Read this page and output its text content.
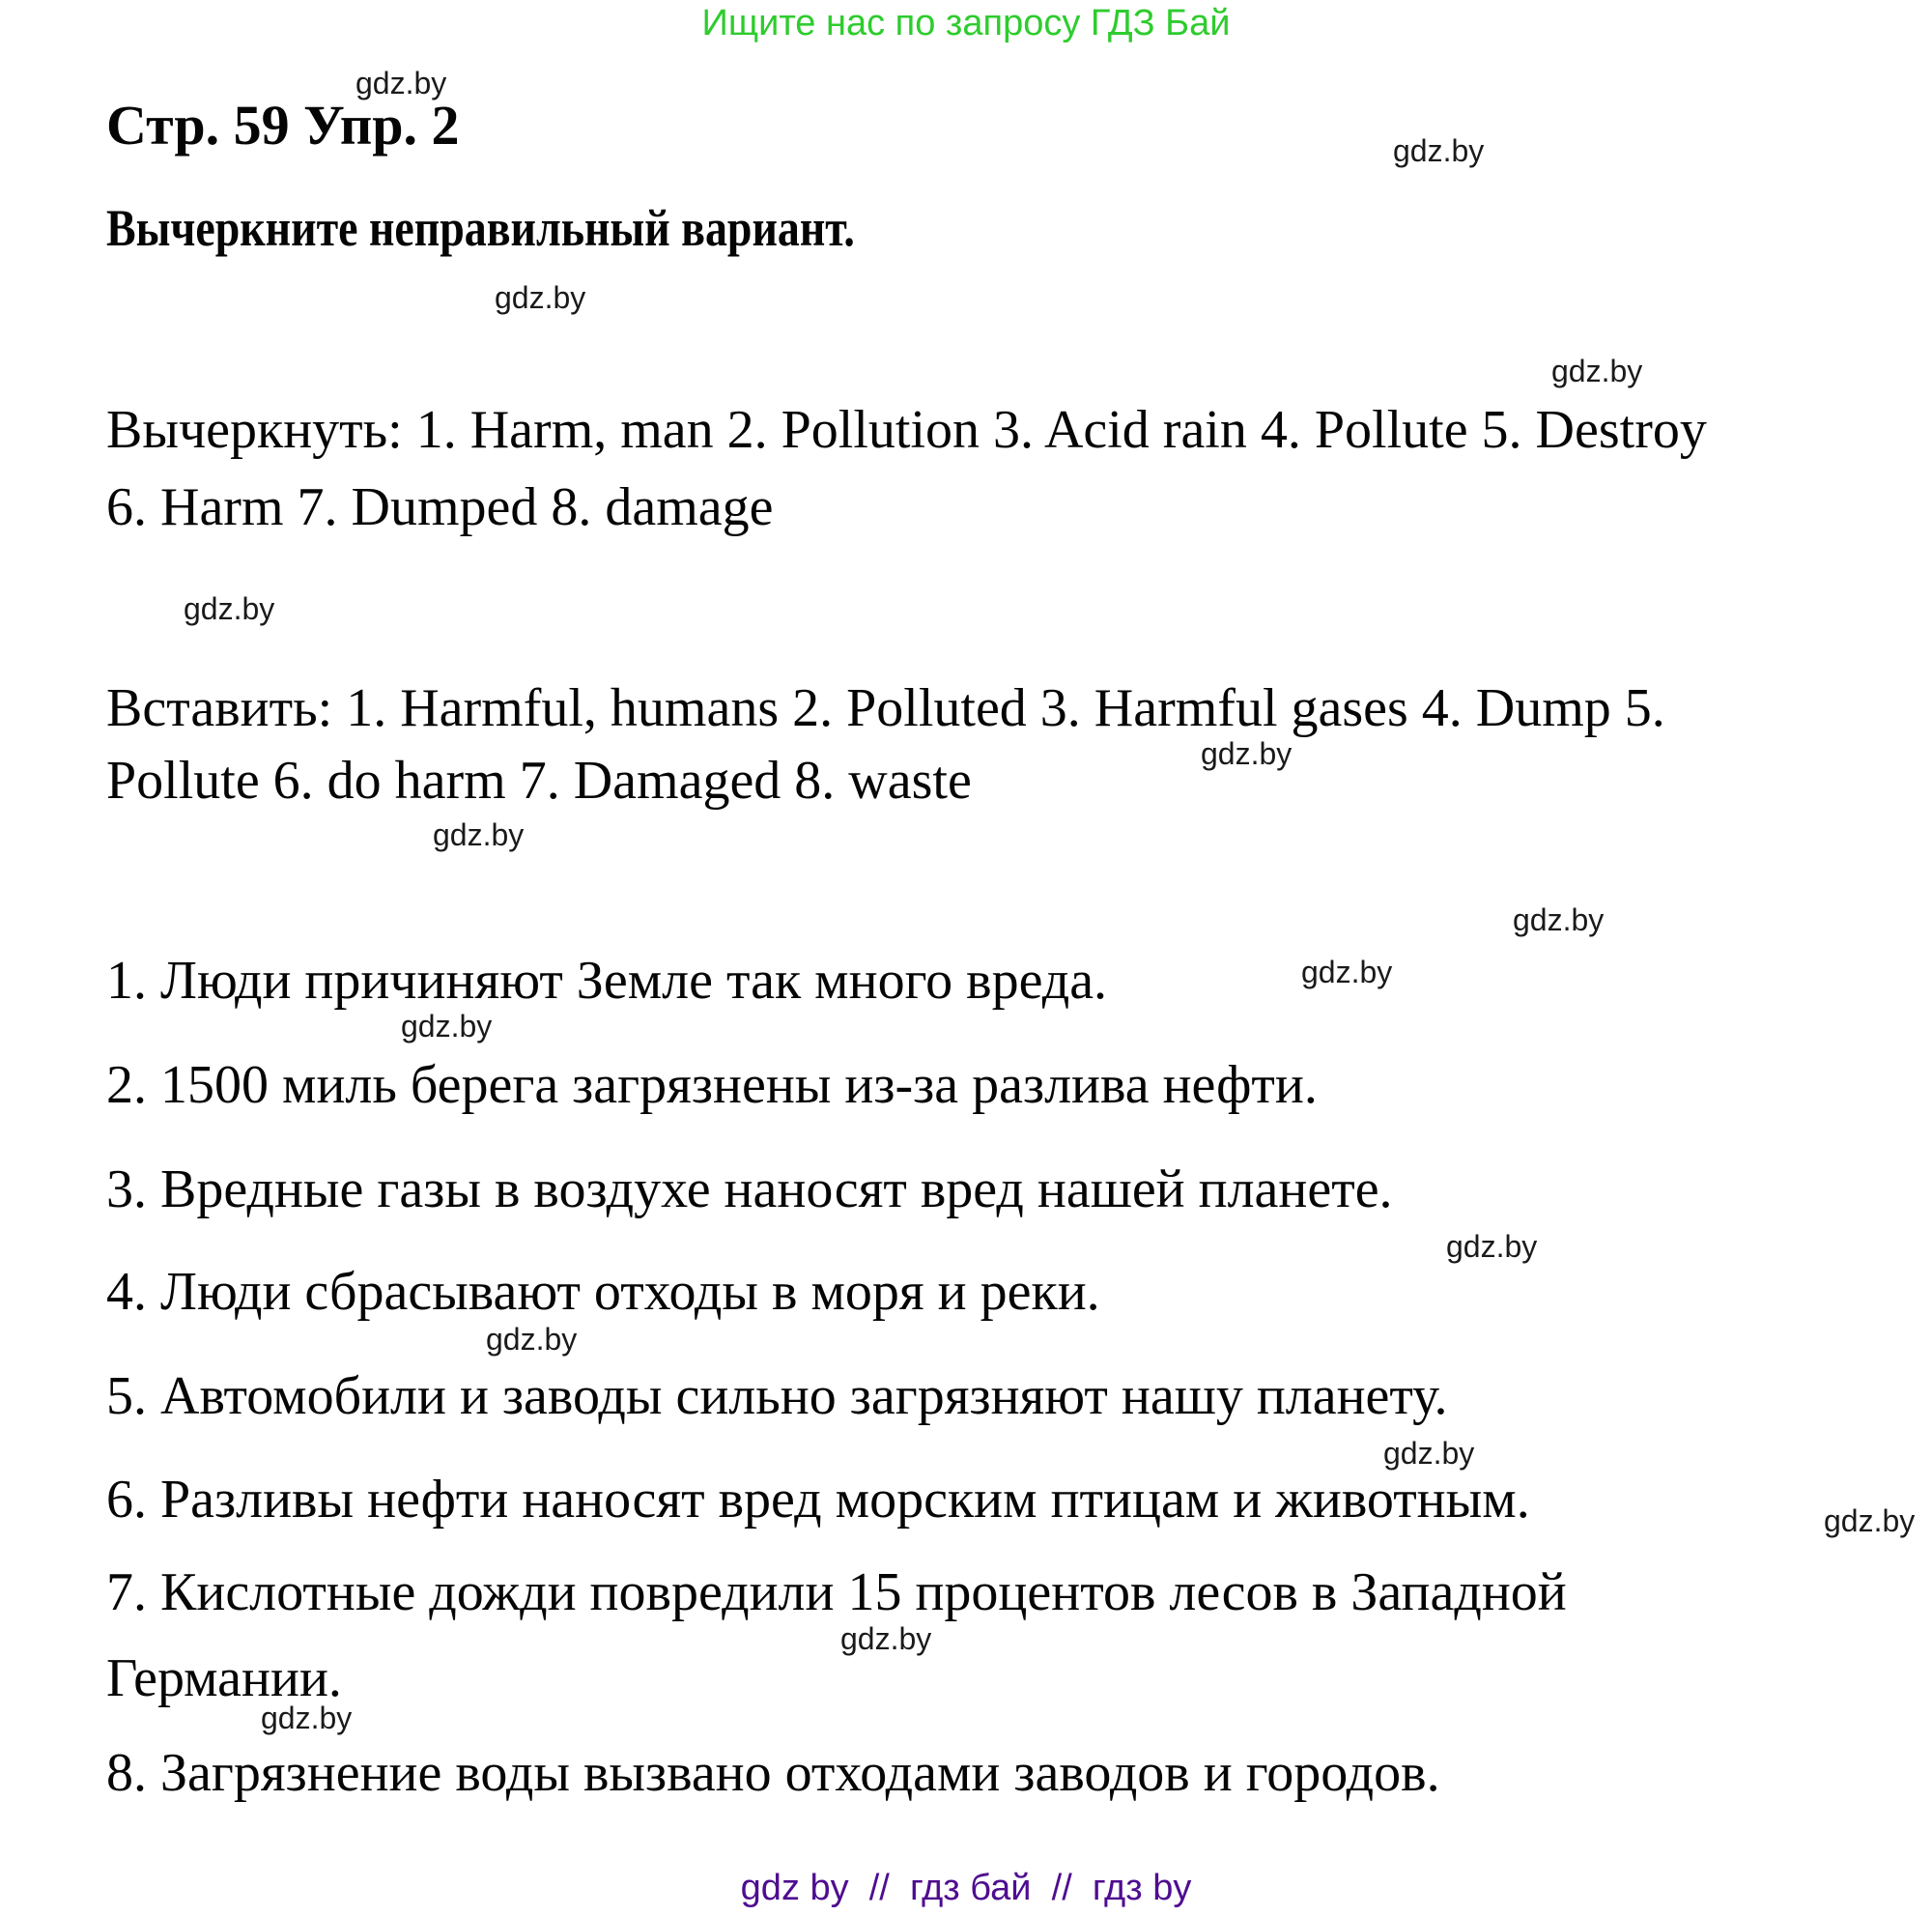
Ищите нас по запросу ГДЗ Бай
gdz.by
gdz.by
gdz.by
gdz.by
gdz.by
gdz.by
gdz.by
gdz.by
gdz.by
gdz.by
gdz.by
gdz.by
gdz.by
gdz.by
gdz.by
gdz.by
Стр. 59 Упр. 2
Вычеркните неправильный вариант.
Вычеркнуть: 1. Harm, man 2. Pollution 3. Acid rain 4. Pollute 5. Destroy
6. Harm 7. Dumped 8. damage
Вставить: 1. Harmful, humans 2. Polluted 3. Harmful gases 4. Dump 5.
Pollute 6. do harm 7. Damaged 8. waste
1. Люди причиняют Земле так много вреда.
2. 1500 миль берега загрязнены из-за разлива нефти.
3. Вредные газы в воздухе наносят вред нашей планете.
4. Люди сбрасывают отходы в моря и реки.
5. Автомобили и заводы сильно загрязняют нашу планету.
6. Разливы нефти наносят вред морским птицам и животным.
7. Кислотные дожди повредили 15 процентов лесов в Западной
Германии.
8. Загрязнение воды вызвано отходами заводов и городов.
gdz by  //  гдз бай  //  гдз by
